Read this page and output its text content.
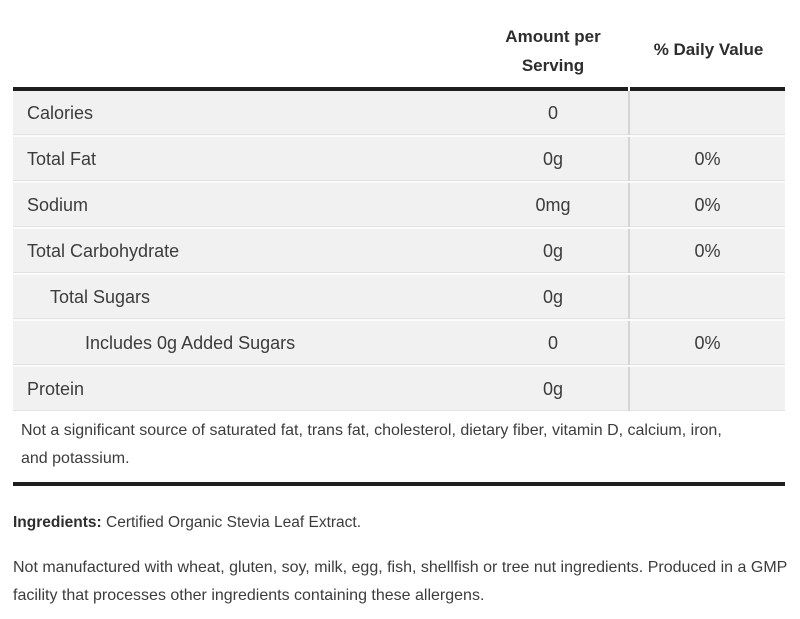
Amount per Serving
% Daily Value
Calories	0
Total Fat	0g	0%
Sodium	0mg	0%
Total Carbohydrate	0g	0%
Total Sugars	0g
Includes 0g Added Sugars	0	0%
Protein	0g
Not a significant source of saturated fat, trans fat, cholesterol, dietary fiber, vitamin D, calcium, iron, and potassium.

Ingredients: Certified Organic Stevia Leaf Extract.

Not manufactured with wheat, gluten, soy, milk, egg, fish, shellfish or tree nut ingredients. Produced in a GMP facility that processes other ingredients containing these allergens.
